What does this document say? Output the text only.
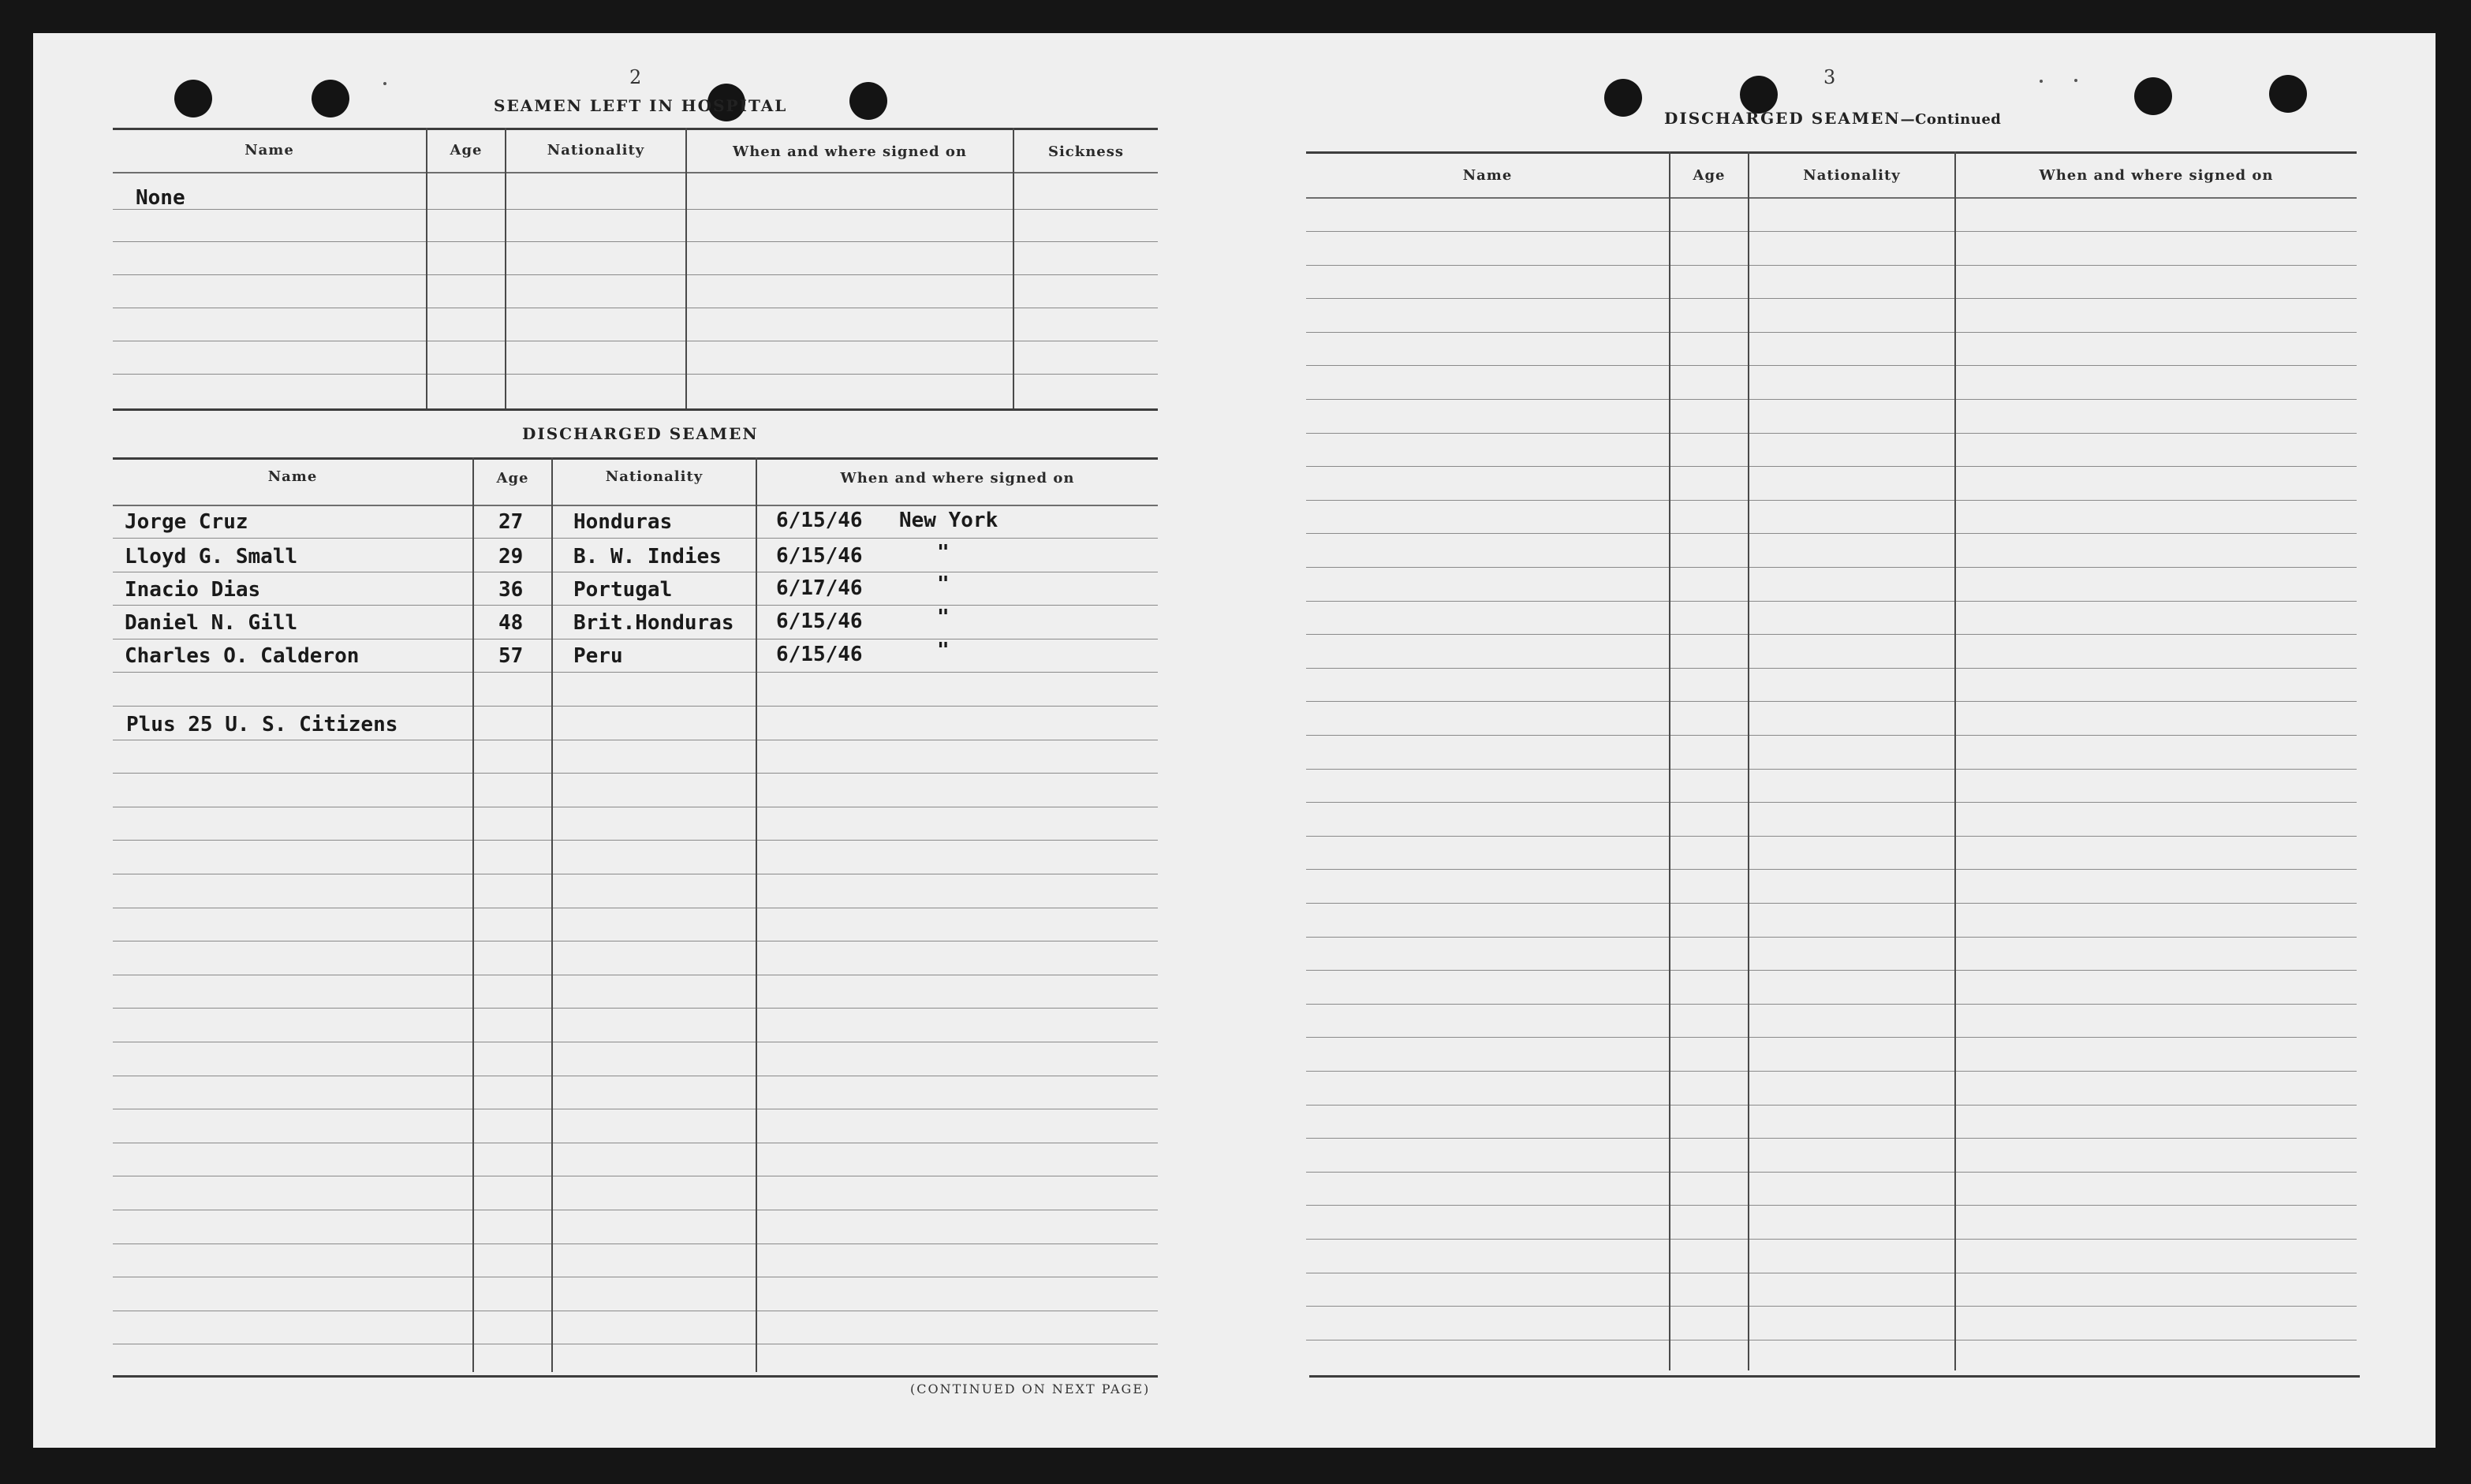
2
SEAMEN LEFT IN HOSPITAL
Name	Age	Nationality	When and where signed on	Sickness
None
DISCHARGED SEAMEN
Name	Age	Nationality	When and where signed on
Jorge Cruz	27 Honduras	6/15/46 New York
Lloyd G. Small	29 B. W. Indies	6/15/46	"
Inacio Dias	36 Portugal	6/17/46	"
Daniel N. Gill	48 Brit.Honduras 6/15/46	"
Charles O. Calderon	57 Peru	6/15/46	"
Plus 25 U. S. Citizens
(CONTINUED ON NEXT PAGE)
3
DISCHARGED SEAMEN—Continued
Name	Age	Nationality	When and where signed on
